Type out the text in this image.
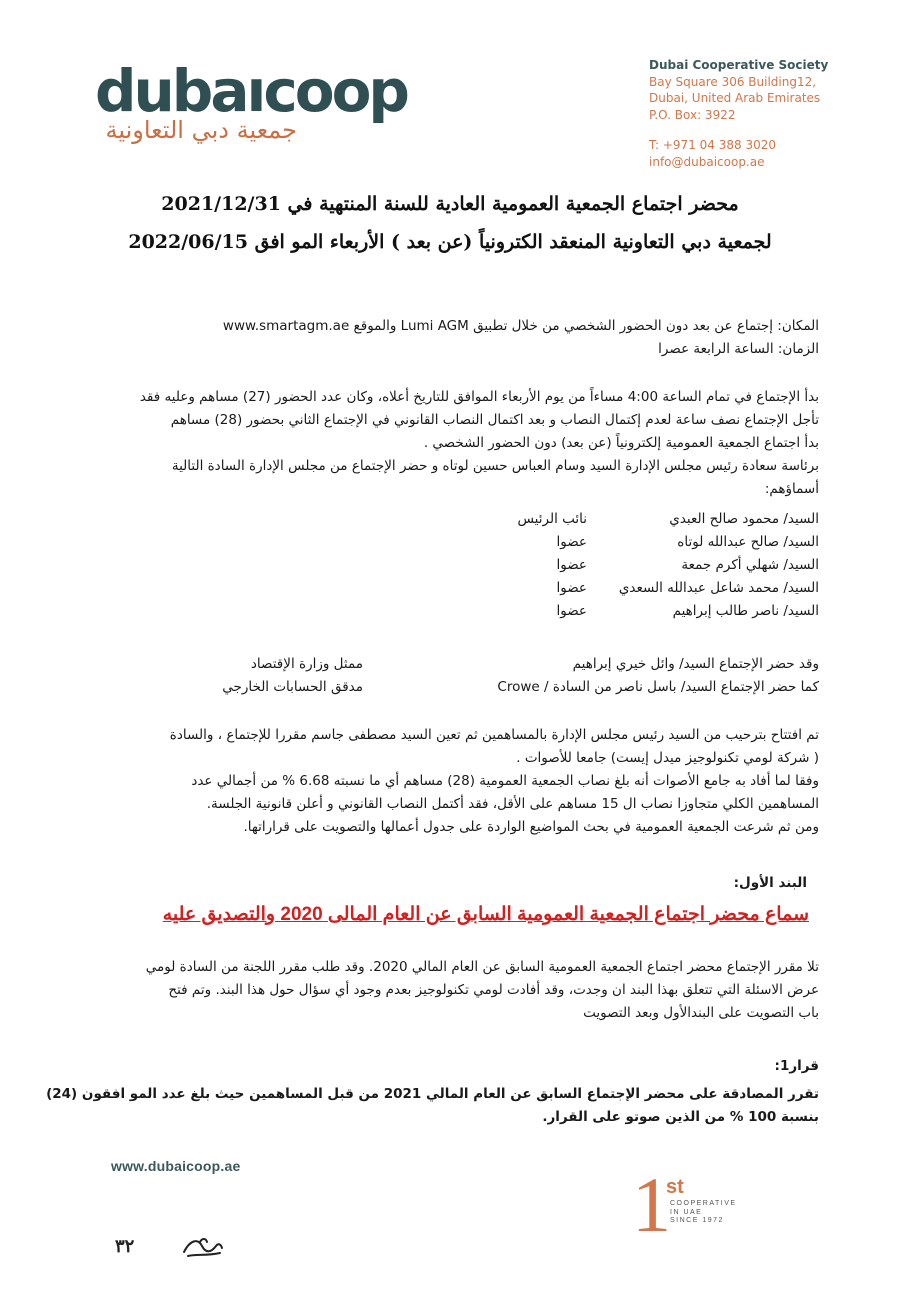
dubaıcoop
جمعية دبي التعاونية
Dubai Cooperative Society
Bay Square 306 Building12,
Dubai, United Arab Emirates
P.O. Box: 3922
T: +971 04 388 3020
info@dubaicoop.ae
محضر اجتماع الجمعية العمومية العادية للسنة المنتهية في 2021/12/31
لجمعية دبي التعاونية المنعقد الكترونياً (عن بعد ) الأربعاء المو افق 2022/06/15
المكان: إجتماع عن بعد دون الحضور الشخصي من خلال تطبيق Lumi AGM والموقع www.smartagm.ae
الزمان: الساعة الرابعة عصرا
بدأ الإجتماع في تمام الساعة 4:00 مساءاً من يوم الأربعاء الموافق للتاريخ أعلاه، وكان عدد الحضور (27) مساهم وعليه فقد
تأجل الإجتماع نصف ساعة لعدم إكتمال النصاب و بعد اكتمال النصاب القانوني في الإجتماع الثاني بحضور (28) مساهم
بدأ اجتماع الجمعية العمومية إلكترونياً (عن بعد) دون الحضور الشخصي .
برئاسة سعادة رئيس مجلس الإدارة السيد وسام العباس حسين لوتاه و حضر الإجتماع من مجلس الإدارة السادة التالية
أسماؤهم:
السيد/ محمود صالح العبدي
نائب الرئيس
السيد/ صالح عبدالله لوتاه
عضوا
السيد/ شهلي أكرم جمعة
عضوا
السيد/ محمد شاعل عبدالله السعدي
عضوا
السيد/ ناصر طالب إبراهيم
عضوا
وقد حضر الإجتماع السيد/ وائل خيري إبراهيم
ممثل وزارة الإقتصاد
كما حضر الإجتماع السيد/ باسل ناصر من السادة / Crowe
مدقق الحسابات الخارجي
تم افتتاح بترحيب من السيد رئيس مجلس الإدارة بالمساهمين ثم تعين السيد مصطفى جاسم مقررا للإجتماع ، والسادة
( شركة لومي تكنولوجيز ميدل إيست) جامعا للأصوات .
وفقا لما أفاد به جامع الأصوات أنه بلغ نصاب الجمعية العمومية (28) مساهم أي ما نسبته 6.68 % من أجمالي عدد
المساهمين الكلي متجاوزا نصاب ال 15 مساهم على الأقل، فقد أكتمل النصاب القانوني و أعلن قانونية الجلسة.
ومن ثم شرعت الجمعية العمومية في بحث المواضيع الواردة على جدول أعمالها والتصويت على قراراتها.
البند الأول:
سماع محضر اجتماع الجمعية العمومية السابق عن العام المالى 2020 والتصديق عليه
تلا مقرر الإجتماع محضر اجتماع الجمعية العمومية السابق عن العام المالي 2020. وقد طلب مقرر اللجنة من السادة لومي
عرض الاسئلة التي تتعلق بهذا البند ان وجدت، وقد أفادت لومي تكنولوجيز بعدم وجود أي سؤال حول هذا البند. وتم فتح
باب التصويت على البندالأول وبعد التصويت
قرار1:
تقرر المصادقة على محضر الإجتماع السابق عن العام المالي 2021 من قبل المساهمين حيث بلغ عدد المو افقون (24)
بنسبة 100 % من الذين صوتو على القرار.
www.dubaicoop.ae	1
st
COOPERATIVE
IN UAE
SINCE 1972
٣٢
